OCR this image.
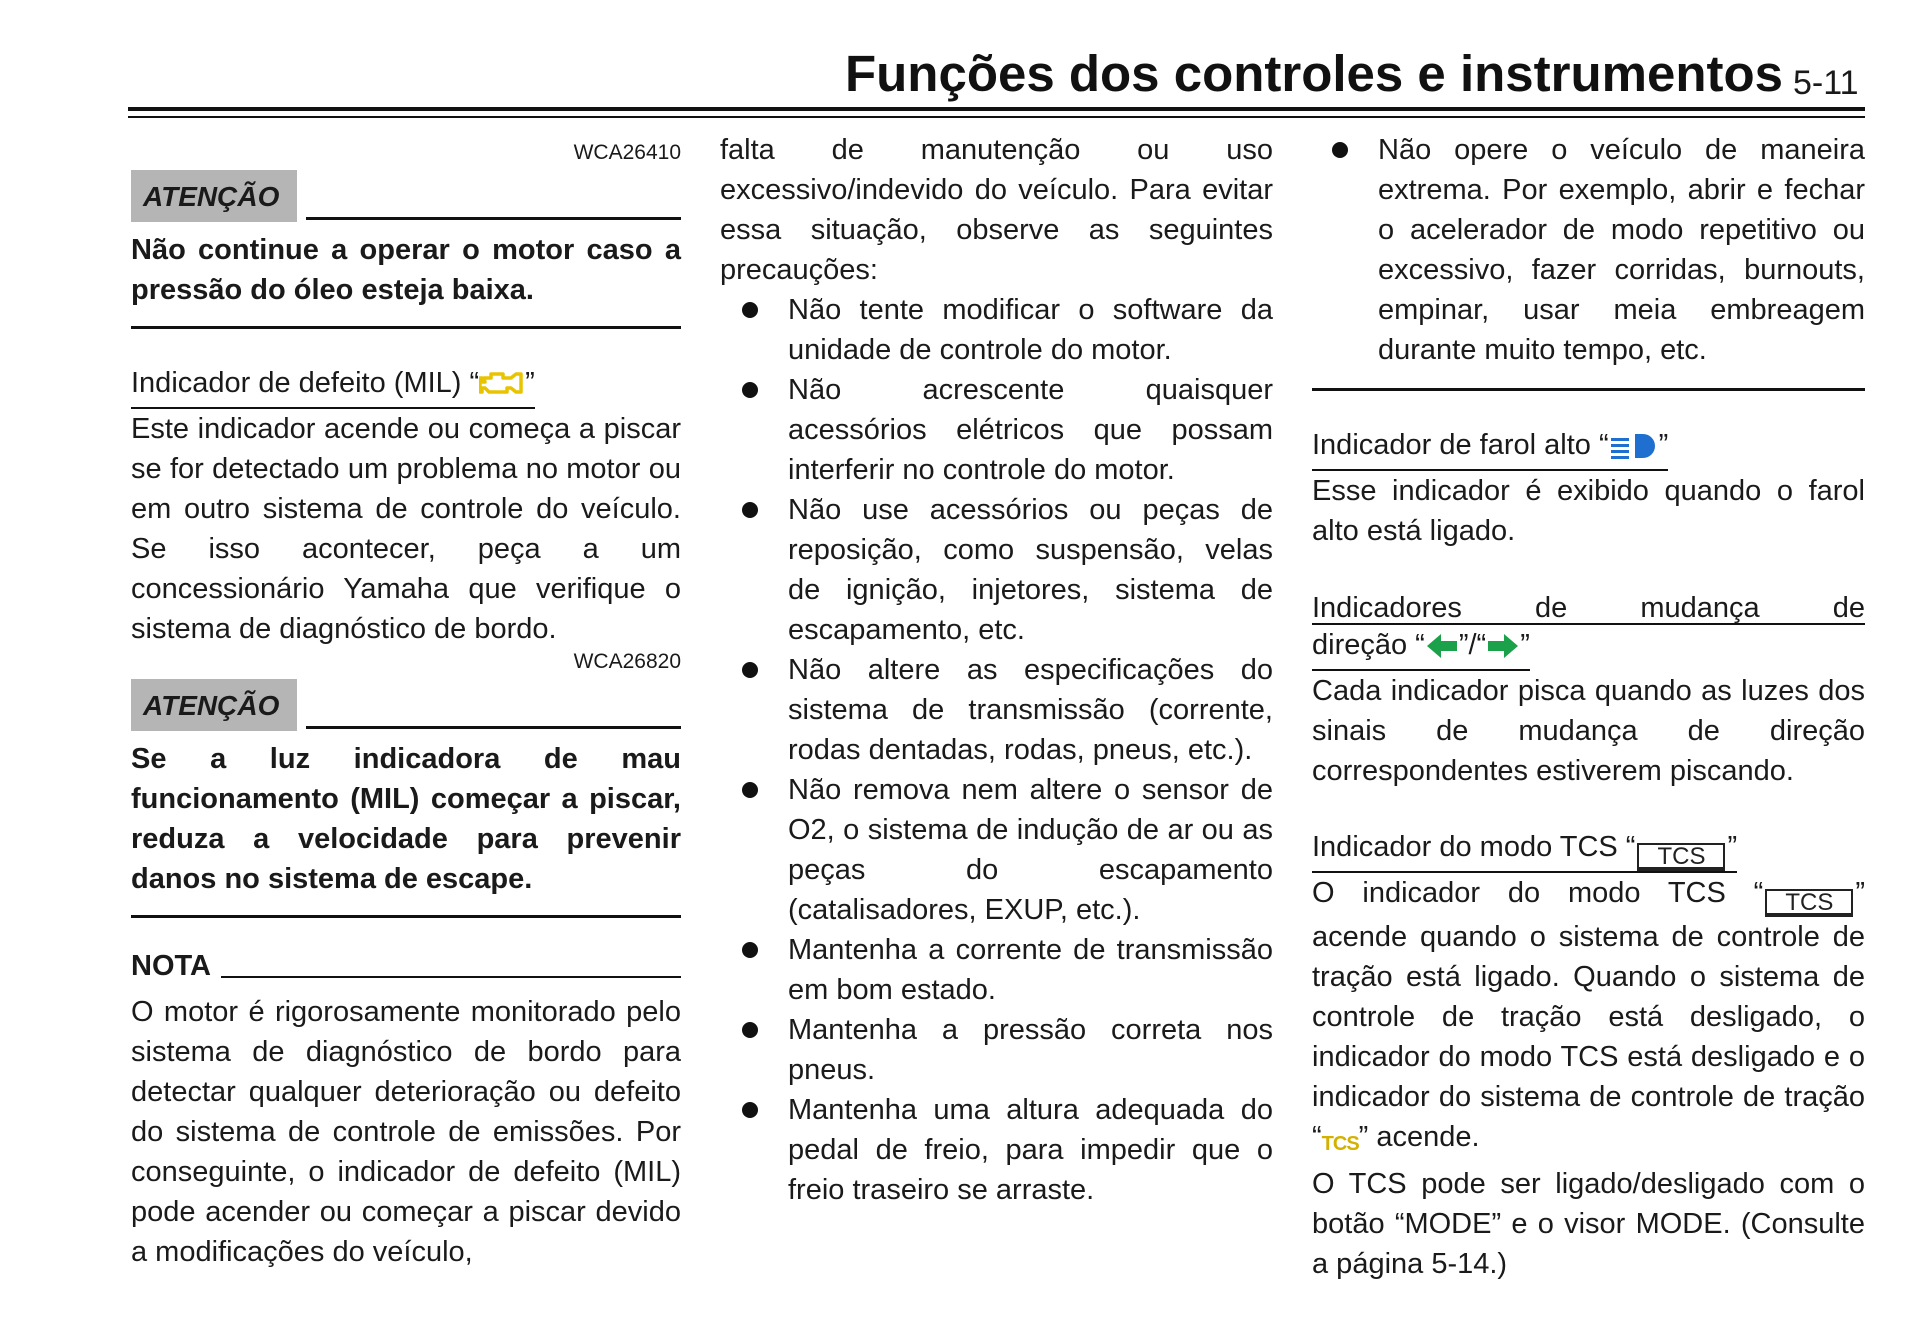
Funções dos controles e instrumentos 5-11
WCA26410
ATENÇÃO
Não continue a operar o motor caso a pressão do óleo esteja baixa.
Indicador de defeito (MIL) “ ”
Este indicador acende ou começa a piscar se for detectado um problema no motor ou em outro sistema de controle do veículo. Se isso acontecer, peça a um concessionário Yamaha que verifique o sistema de diagnóstico de bordo.
WCA26820
ATENÇÃO
Se a luz indicadora de mau funcionamento (MIL) começar a piscar, reduza a velocidade para prevenir danos no sistema de escape.
NOTA
O motor é rigorosamente monitorado pelo sistema de diagnóstico de bordo para detectar qualquer deterioração ou defeito do sistema de controle de emissões. Por conseguinte, o indicador de defeito (MIL) pode acender ou começar a piscar devido a modificações do veículo,
falta de manutenção ou uso excessivo/indevido do veículo. Para evitar essa situação, observe as seguintes precauções:
Não tente modificar o software da unidade de controle do motor.
Não acrescente quaisquer acessórios elétricos que possam interferir no controle do motor.
Não use acessórios ou peças de reposição, como suspensão, velas de ignição, injetores, sistema de escapamento, etc.
Não altere as especificações do sistema de transmissão (corrente, rodas dentadas, rodas, pneus, etc.).
Não remova nem altere o sensor de O2, o sistema de indução de ar ou as peças do escapamento (catalisadores, EXUP, etc.).
Mantenha a corrente de transmissão em bom estado.
Mantenha a pressão correta nos pneus.
Mantenha uma altura adequada do pedal de freio, para impedir que o freio traseiro se arraste.
Não opere o veículo de maneira extrema. Por exemplo, abrir e fechar o acelerador de modo repetitivo ou excessivo, fazer corridas, burnouts, empinar, usar meia embreagem durante muito tempo, etc.
Indicador de farol alto “ ”
Esse indicador é exibido quando o farol alto está ligado.
Indicadores	de	mudança	de
direção “ ”/“ ”
Cada indicador pisca quando as luzes dos sinais de mudança de direção correspondentes estiverem piscando.
Indicador do modo TCS “ TCS ”
O indicador do modo TCS “ TCS ” acende quando o sistema de controle de tração está ligado. Quando o sistema de controle de tração está desligado, o indicador do modo TCS está desligado e o indicador do sistema de controle de tração “TCS” acende.
O TCS pode ser ligado/desligado com o botão “MODE” e o visor MODE. (Consulte a página 5-14.)
